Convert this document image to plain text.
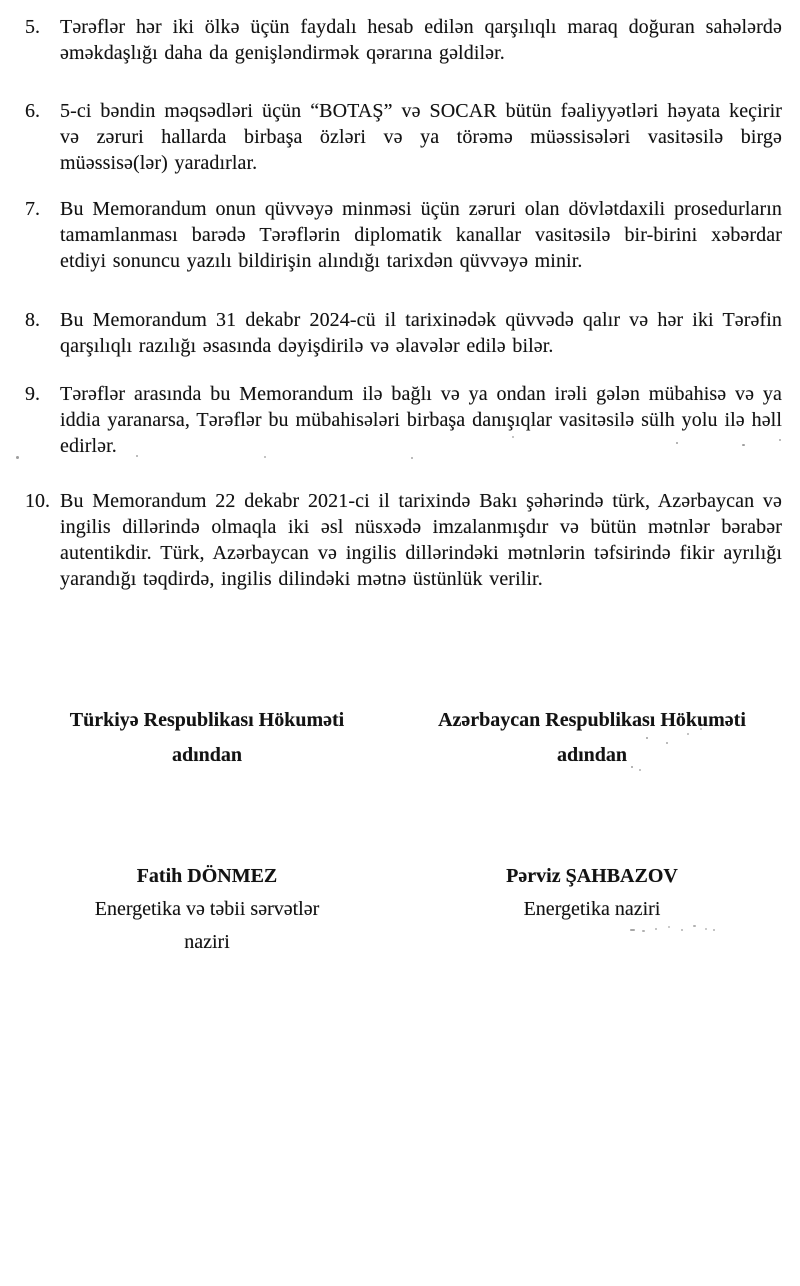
5.	Tərəflər hər iki ölkə üçün faydalı hesab edilən qarşılıqlı maraq doğuran sahələrdə əməkdaşlığı daha da genişləndirmək qərarına gəldilər.

6.	5-ci bəndin məqsədləri üçün “BOTAŞ” və SOCAR bütün fəaliyyətləri həyata keçirir və zəruri hallarda birbaşa özləri və ya törəmə müəssisələri vasitəsilə birgə müəssisə(lər) yaradırlar.

7.	Bu Memorandum onun qüvvəyə minməsi üçün zəruri olan dövlətdaxili prosedurların tamamlanması barədə Tərəflərin diplomatik kanallar vasitəsilə bir-birini xəbərdar etdiyi sonuncu yazılı bildirişin alındığı tarixdən qüvvəyə minir.

8.	Bu Memorandum 31 dekabr 2024-cü il tarixinədək qüvvədə qalır və hər iki Tərəfin qarşılıqlı razılığı əsasında dəyişdirilə və əlavələr edilə bilər.

9.	Tərəflər arasında bu Memorandum ilə bağlı və ya ondan irəli gələn mübahisə və ya iddia yaranarsa, Tərəflər bu mübahisələri birbaşa danışıqlar vasitəsilə sülh yolu ilə həll edirlər.

10. Bu Memorandum 22 dekabr 2021-ci il tarixində Bakı şəhərində türk, Azərbaycan və ingilis dillərində olmaqla iki əsl nüsxədə imzalanmışdır və bütün mətnlər bərabər autentikdir. Türk, Azərbaycan və ingilis dillərindəki mətnlərin təfsirində fikir ayrılığı yarandığı təqdirdə, ingilis dilindəki mətnə üstünlük verilir.

Türkiyə Respublikası Hökuməti
adından
Azərbaycan Respublikası Hökuməti
adından
Fatih DÖNMEZ
Energetika və təbii sərvətlər
naziri
Pərviz ŞAHBAZOV
Energetika naziri
